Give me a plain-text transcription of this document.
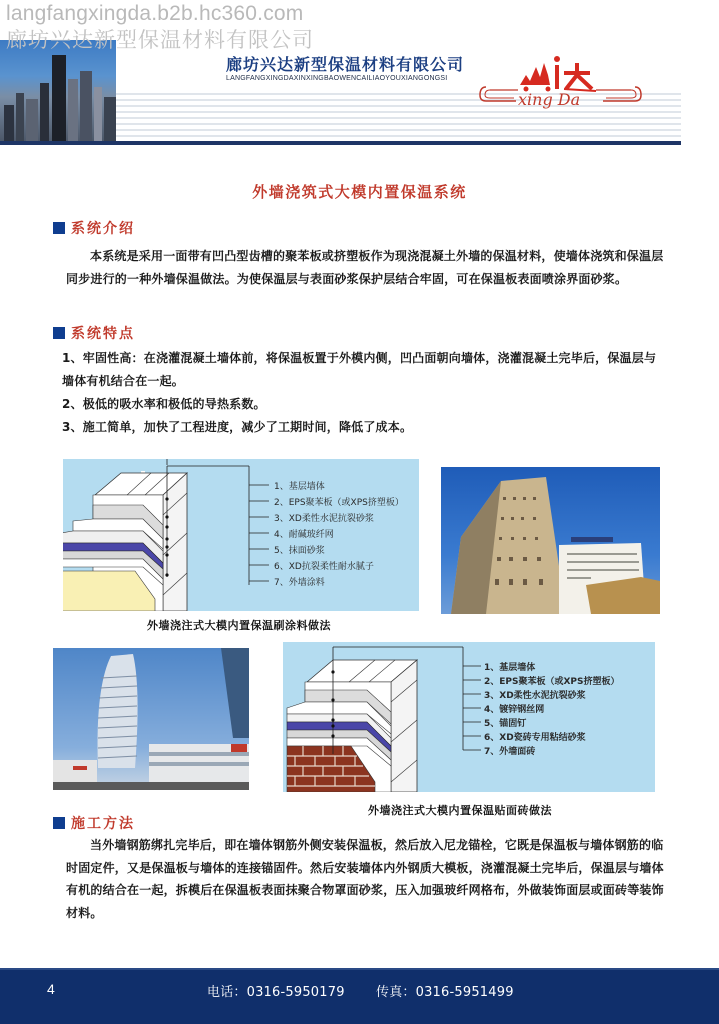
廊坊兴达新型保温材料有限公司
LANGFANGXINGDAXINXINGBAOWENCAILIAOYOUXIANGONGSI
xing Da
langfangxingda.b2b.hc360.com
廊坊兴达新型保温材料有限公司
外墙浇筑式大模内置保温系统
系统介绍
本系统是采用一面带有凹凸型齿槽的聚苯板或挤塑板作为现浇混凝土外墙的保温材料，使墙体浇筑和保温层同步进行的一种外墙保温做法。为使保温层与表面砂浆保护层结合牢固，可在保温板表面喷涂界面砂浆。
系统特点
1、牢固性高：在浇灌混凝土墙体前，将保温板置于外模内侧，凹凸面朝向墙体，浇灌混凝土完毕后，保温层与
墙体有机结合在一起。
2、极低的吸水率和极低的导热系数。
3、施工简单，加快了工程进度，减少了工期时间，降低了成本。
1、基层墙体
2、EPS聚苯板（或XPS挤塑板）
3、XD柔性水泥抗裂砂浆
4、耐碱玻纤网
5、抹面砂浆
6、XD抗裂柔性耐水腻子
7、外墙涂料
外墙浇注式大模内置保温刷涂料做法
1、基层墙体
2、EPS聚苯板（或XPS挤塑板）
3、XD柔性水泥抗裂砂浆
4、镀锌钢丝网
5、锚固钉
6、XD瓷砖专用粘结砂浆
7、外墙面砖
外墙浇注式大模内置保温贴面砖做法
施工方法
当外墙钢筋绑扎完毕后，即在墙体钢筋外侧安装保温板，然后放入尼龙锚栓，它既是保温板与墙体钢筋的临时固定件，又是保温板与墙体的连接锚固件。然后安装墙体内外钢质大模板，浇灌混凝土完毕后，保温层与墙体有机的结合在一起，拆模后在保温板表面抹聚合物罩面砂浆，压入加强玻纤网格布，外做装饰面层或面砖等装饰材料。
4	电话：0316-5950179 传真：0316-5951499
